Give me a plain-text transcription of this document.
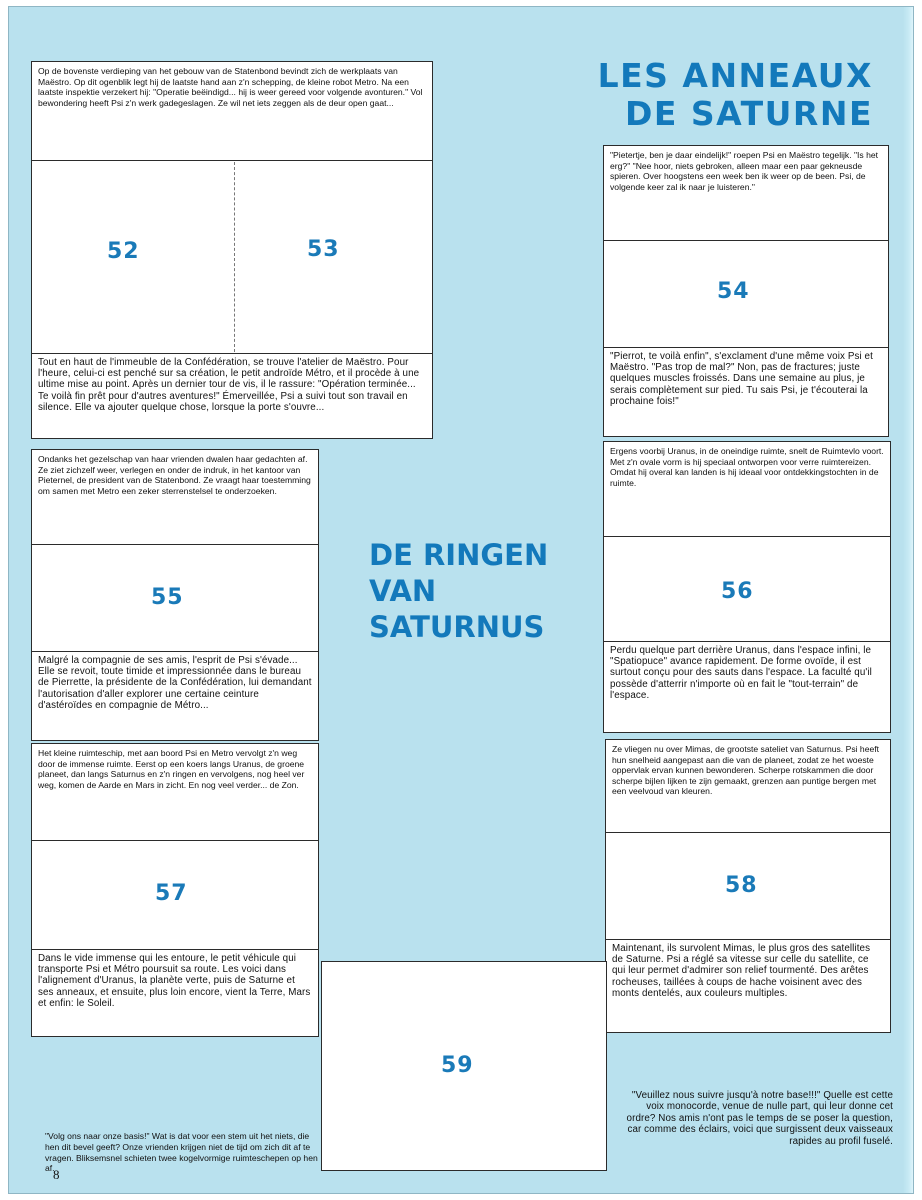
LES ANNEAUX
DE SATURNE
DE RINGEN
VAN
SATURNUS
Op de bovenste verdieping van het gebouw van de Statenbond bevindt zich de werkplaats van Maëstro. Op dit ogenblik legt hij de laatste hand aan z'n schepping, de kleine robot Metro. Na een laatste inspektie verzekert hij: "Operatie beëindigd... hij is weer gereed voor volgende avonturen." Vol bewondering heeft Psi z'n werk gadegeslagen. Ze wil net iets zeggen als de deur open gaat...
52	53
Tout en haut de l'immeuble de la Confédération, se trouve l'atelier de Maëstro. Pour l'heure, celui-ci est penché sur sa création, le petit androïde Métro, et il procède à une ultime mise au point. Après un dernier tour de vis, il le rassure: "Opération terminée... Te voilà fin prêt pour d'autres aventures!" Émerveillée, Psi a suivi tout son travail en silence. Elle va ajouter quelque chose, lorsque la porte s'ouvre...
"Pietertje, ben je daar eindelijk!" roepen Psi en Maëstro tegelijk. "Is het erg?" "Nee hoor, niets gebroken, alleen maar een paar gekneusde spieren. Over hoogstens een week ben ik weer op de been. Psi, de volgende keer zal ik naar je luisteren."
54
"Pierrot, te voilà enfin", s'exclament d'une même voix Psi et Maëstro. "Pas trop de mal?" Non, pas de fractures; juste quelques muscles froissés. Dans une semaine au plus, je serais complètement sur pied. Tu sais Psi, je t'écouterai la prochaine fois!"
Ondanks het gezelschap van haar vrienden dwalen haar gedachten af. Ze ziet zichzelf weer, verlegen en onder de indruk, in het kantoor van Pieternel, de president van de Statenbond. Ze vraagt haar toestemming om samen met Metro een zeker sterrenstelsel te onderzoeken.
55
Malgré la compagnie de ses amis, l'esprit de Psi s'évade... Elle se revoit, toute timide et impressionnée dans le bureau de Pierrette, la présidente de la Confédération, lui demandant l'autorisation d'aller explorer une certaine ceinture d'astéroïdes en compagnie de Métro...
Ergens voorbij Uranus, in de oneindige ruimte, snelt de Ruimtevlo voort. Met z'n ovale vorm is hij speciaal ontworpen voor verre ruimtereizen. Omdat hij overal kan landen is hij ideaal voor ontdekkingstochten in de ruimte.
56
Perdu quelque part derrière Uranus, dans l'espace infini, le "Spatiopuce" avance rapidement. De forme ovoïde, il est surtout conçu pour des sauts dans l'espace. La faculté qu'il possède d'atterrir n'importe où en fait le "tout-terrain" de l'espace.
Het kleine ruimteschip, met aan boord Psi en Metro vervolgt z'n weg door de immense ruimte. Eerst op een koers langs Uranus, de groene planeet, dan langs Saturnus en z'n ringen en vervolgens, nog heel ver weg, komen de Aarde en Mars in zicht. En nog veel verder... de Zon.
57
Dans le vide immense qui les entoure, le petit véhicule qui transporte Psi et Métro poursuit sa route. Les voici dans l'alignement d'Uranus, la planète verte, puis de Saturne et ses anneaux, et ensuite, plus loin encore, vient la Terre, Mars et enfin: le Soleil.
Ze vliegen nu over Mimas, de grootste sateliet van Saturnus. Psi heeft hun snelheid aangepast aan die van de planeet, zodat ze het woeste oppervlak ervan kunnen bewonderen. Scherpe rotskammen die door scherpe bijlen lijken te zijn gemaakt, grenzen aan puntige bergen met een veelvoud van kleuren.
58
Maintenant, ils survolent Mimas, le plus gros des satellites de Saturne. Psi a réglé sa vitesse sur celle du satellite, ce qui leur permet d'admirer son relief tourmenté. Des arêtes rocheuses, taillées à coups de hache voisinent avec des monts dentelés, aux couleurs multiples.
59
"Volg ons naar onze basis!" Wat is dat voor een stem uit het niets, die hen dit bevel geeft? Onze vrienden krijgen niet de tijd om zich dit af te vragen. Bliksemsnel schieten twee kogelvormige ruimteschepen op hen af.
"Veuillez nous suivre jusqu'à notre base!!!" Quelle est cette voix monocorde, venue de nulle part, qui leur donne cet ordre? Nos amis n'ont pas le temps de se poser la question, car comme des éclairs, voici que surgissent deux vaisseaux rapides au profil fuselé.
8
